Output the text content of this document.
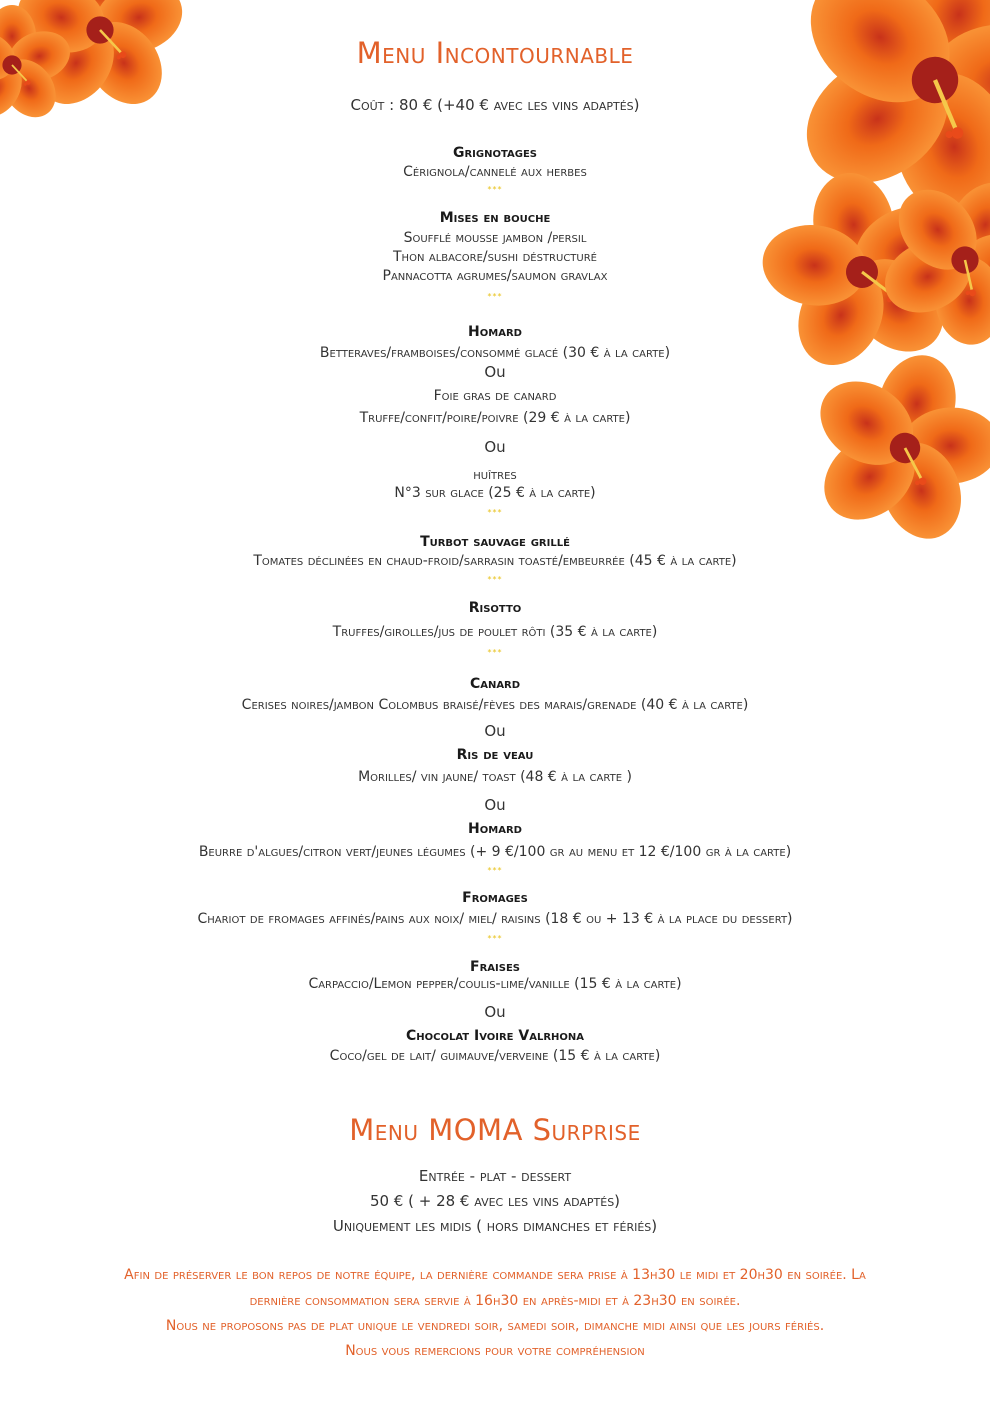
Menu Incontournable
Coût : 80 € (+40 € avec les vins adaptés)
Grignotages
Cérignola/cannelé aux herbes
***
Mises en bouche
Soufflé mousse jambon /persil
Thon albacore/sushi déstructuré
Pannacotta agrumes/saumon gravlax
***
Homard
Betteraves/framboises/consommé glacé (30 € à la carte)
Ou
Foie gras de canard
Truffe/confit/poire/poivre (29 € à la carte)
Ou
huîtres
N°3 sur glace (25 € à la carte)
***
Turbot sauvage grillé
Tomates déclinées en chaud-froid/sarrasin toasté/embeurrée (45 € à la carte)
***
Risotto
Truffes/girolles/jus de poulet rôti (35 € à la carte)
***
Canard
Cerises noires/jambon Colombus braisé/fèves des marais/grenade (40 € à la carte)
Ou
Ris de veau
Morilles/ vin jaune/ toast (48 € à la carte )
Ou
Homard
Beurre d'algues/citron vert/jeunes légumes (+ 9 €/100 gr au menu et 12 €/100 gr à la carte)
***
Fromages
Chariot de fromages affinés/pains aux noix/ miel/ raisins (18 € ou + 13 € à la place du dessert)
***
Fraises
Carpaccio/Lemon pepper/coulis-lime/vanille (15 € à la carte)
Ou
Chocolat Ivoire Valrhona
Coco/gel de lait/ guimauve/verveine (15 € à la carte)
Menu MOMA Surprise
Entrée - plat - dessert
50 € ( + 28 € avec les vins adaptés)
Uniquement les midis ( hors dimanches et fériés)
Afin de préserver le bon repos de notre équipe, la dernière commande sera prise à 13h30 le midi et 20h30 en soirée. La
dernière consommation sera servie à 16h30 en après-midi et à 23h30 en soirée.
Nous ne proposons pas de plat unique le vendredi soir, samedi soir, dimanche midi ainsi que les jours fériés.
Nous vous remercions pour votre compréhension
